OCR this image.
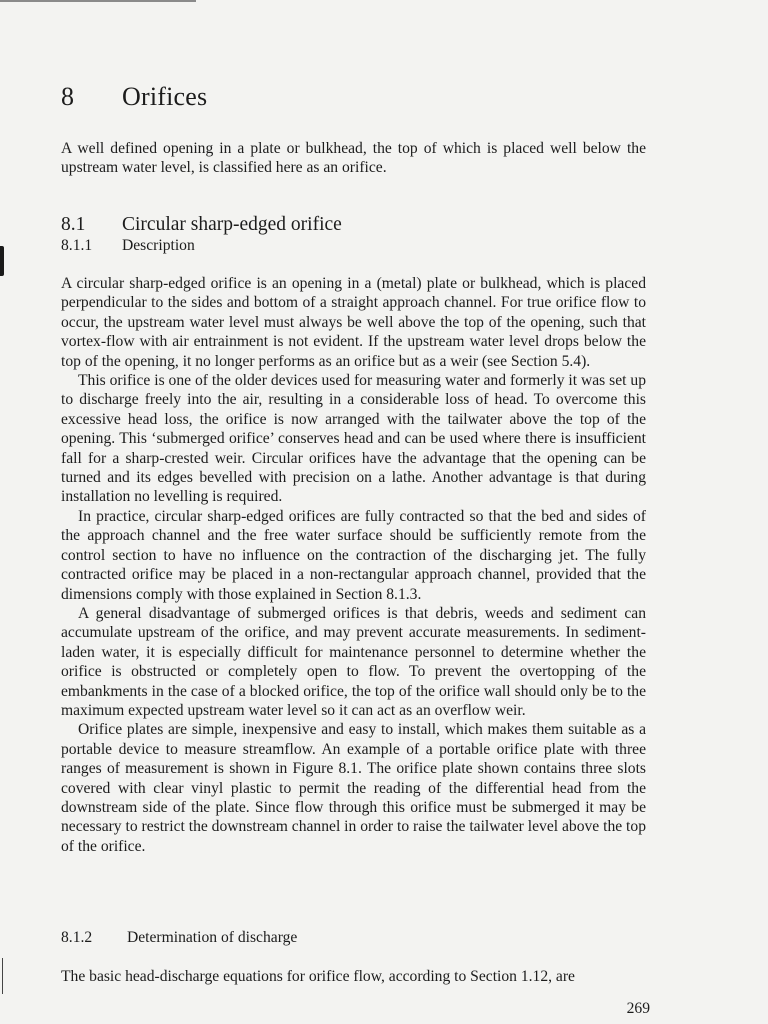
8 Orifices

A well defined opening in a plate or bulkhead, the top of which is placed well below the upstream water level, is classified here as an orifice.

8.1 Circular sharp-edged orifice
8.1.1 Description

A circular sharp-edged orifice is an opening in a (metal) plate or bulkhead, which is placed perpendicular to the sides and bottom of a straight approach channel. For true orifice flow to occur, the upstream water level must always be well above the top of the opening, such that vortex-flow with air entrainment is not evident. If the upstream water level drops below the top of the opening, it no longer performs as an orifice but as a weir (see Section 5.4).

This orifice is one of the older devices used for measuring water and formerly it was set up to discharge freely into the air, resulting in a considerable loss of head. To overcome this excessive head loss, the orifice is now arranged with the tailwater above the top of the opening. This ‘submerged orifice’ conserves head and can be used where there is insufficient fall for a sharp-crested weir. Circular orifices have the advantage that the opening can be turned and its edges bevelled with precision on a lathe. Another advantage is that during installation no levelling is required.

In practice, circular sharp-edged orifices are fully contracted so that the bed and sides of the approach channel and the free water surface should be sufficiently remote from the control section to have no influence on the contraction of the discharging jet. The fully contracted orifice may be placed in a non-rectangular approach channel, provided that the dimensions comply with those explained in Section 8.1.3.

A general disadvantage of submerged orifices is that debris, weeds and sediment can accumulate upstream of the orifice, and may prevent accurate measurements. In sediment-laden water, it is especially difficult for maintenance personnel to determine whether the orifice is obstructed or completely open to flow. To prevent the overtopping of the embankments in the case of a blocked orifice, the top of the orifice wall should only be to the maximum expected upstream water level so it can act as an overflow weir.

Orifice plates are simple, inexpensive and easy to install, which makes them suitable as a portable device to measure streamflow. An example of a portable orifice plate with three ranges of measurement is shown in Figure 8.1. The orifice plate shown contains three slots covered with clear vinyl plastic to permit the reading of the differential head from the downstream side of the plate. Since flow through this orifice must be submerged it may be necessary to restrict the downstream channel in order to raise the tailwater level above the top of the orifice.

8.1.2 Determination of discharge

The basic head-discharge equations for orifice flow, according to Section 1.12, are

269
